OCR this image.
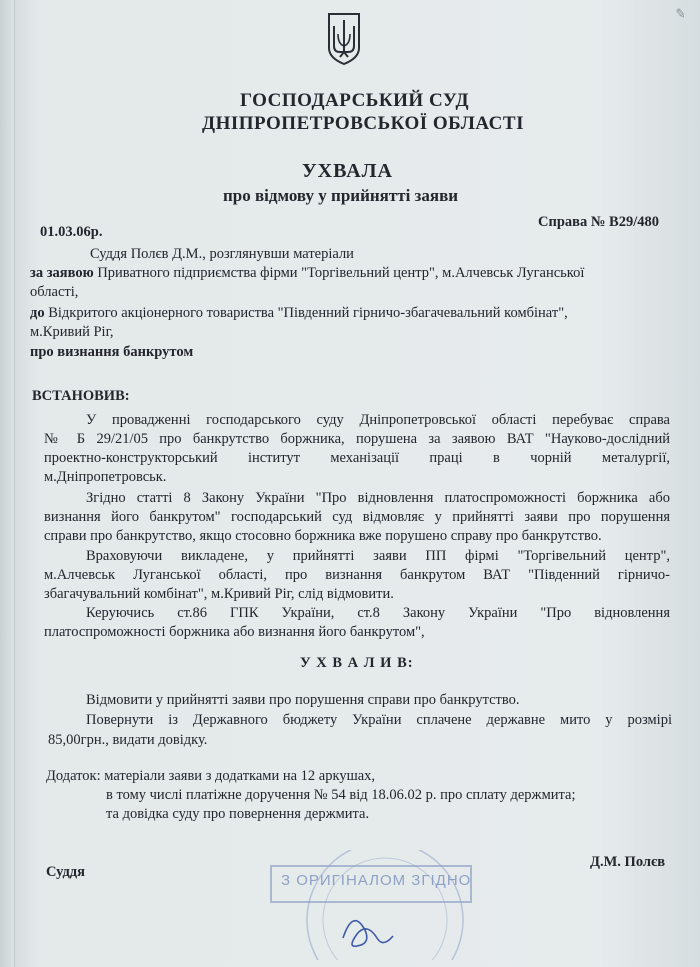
✎
ГОСПОДАРСЬКИЙ СУД
ДНІПРОПЕТРОВСЬКОЇ ОБЛАСТІ
УХВАЛА
про відмову у прийнятті заяви
01.03.06р.
Справа № В29/480
Суддя Полєв Д.М., розглянувши матеріали
за заявою Приватного підприємства фірми "Торгівельний центр", м.Алчевськ Луганської
області,
до Відкритого акціонерного товариства "Південний гірничо-збагачевальний комбінат",
м.Кривий Ріг,
про визнання банкрутом
ВСТАНОВИВ:
У провадженні господарського суду Дніпропетровської області перебуває справа
№ Б 29/21/05 про банкрутство боржника, порушена за заявою ВАТ "Науково-дослідний
проектно-конструкторський інститут механізації праці в чорній металургії,
м.Дніпропетровськ.
Згідно статті 8 Закону України "Про відновлення платоспроможності боржника або
визнання його банкрутом" господарський суд відмовляє у прийнятті заяви про порушення
справи про банкрутство, якщо стосовно боржника вже порушено справу про банкрутство.
Враховуючи викладене, у прийнятті заяви ПП фірмі "Торгівельний центр",
м.Алчевськ Луганської області, про визнання банкрутом ВАТ "Південний гірничо-
збагачувальний комбінат", м.Кривий Ріг, слід відмовити.
Керуючись ст.86 ГПК України, ст.8 Закону України "Про відновлення
платоспроможності боржника або визнання його банкрутом",
У Х В А Л И В:
Відмовити у прийнятті заяви про порушення справи про банкрутство.
Повернути із Державного бюджету України сплачене державне мито у розмірі
85,00грн., видати довідку.
Додаток: матеріали заяви з додатками на 12 аркушах,
в тому числі платіжне доручення № 54 від 18.06.02 р. про сплату держмита;
та довідка суду про повернення держмита.
Суддя
Д.М. Полєв
З ОРИГІНАЛОМ ЗГІДНО
